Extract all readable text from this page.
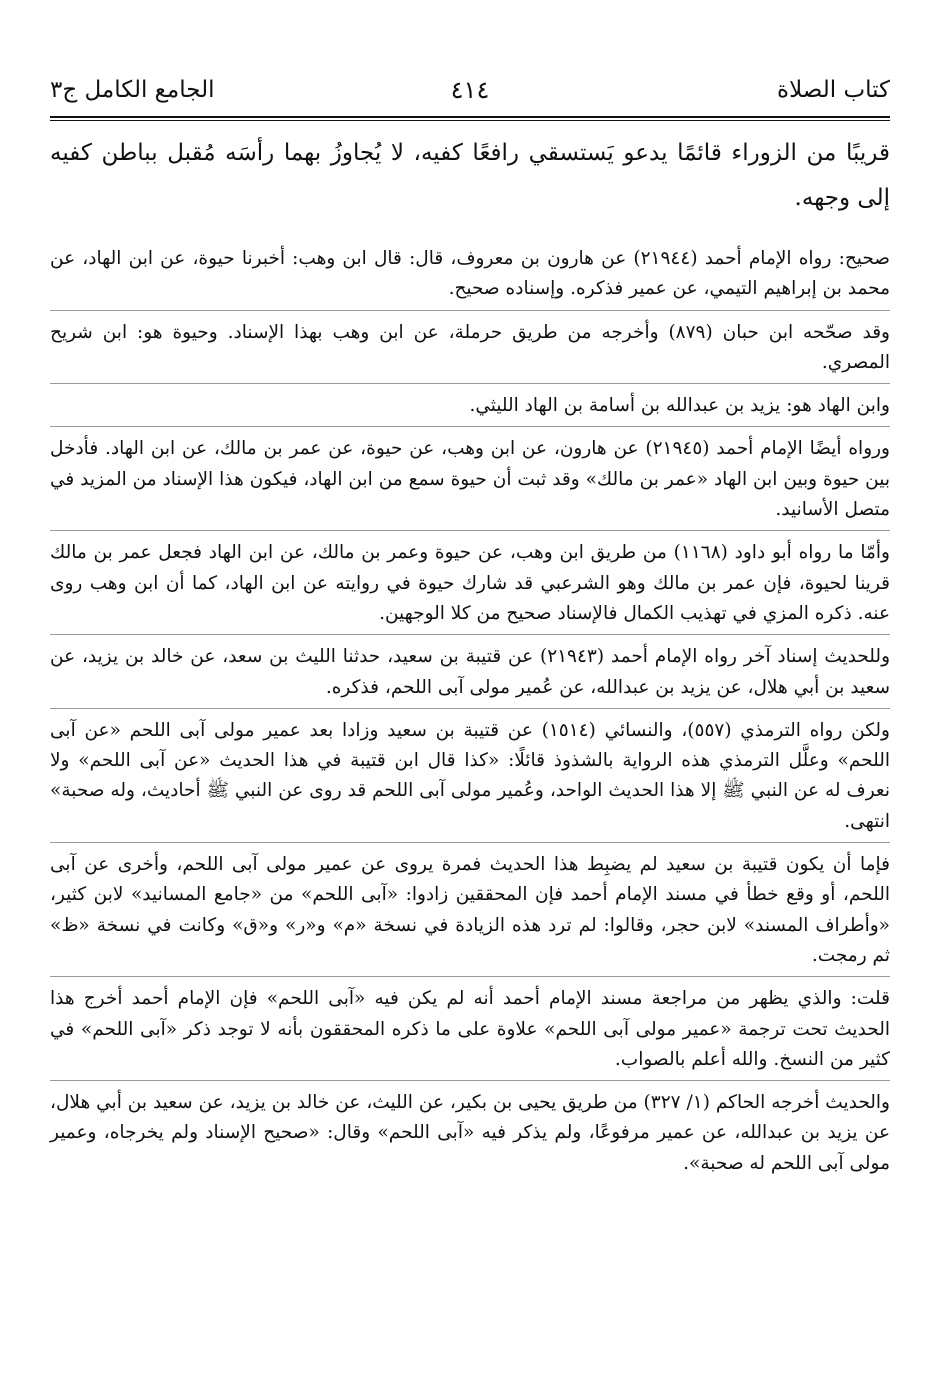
كتاب الصلاة
٤١٤
الجامع الكامل ج٣

قريبًا من الزوراء قائمًا يدعو يَستسقي رافعًا كفيه، لا يُجاوزُ بهما رأسَه مُقبل بباطن كفيه إلى وجهه.

صحيح: رواه الإمام أحمد (٢١٩٤٤) عن هارون بن معروف، قال: قال ابن وهب: أخبرنا حيوة، عن ابن الهاد، عن محمد بن إبراهيم التيمي، عن عمير فذكره. وإسناده صحيح.

وقد صحّحه ابن حبان (٨٧٩) وأخرجه من طريق حرملة، عن ابن وهب بهذا الإسناد. وحيوة هو: ابن شريح المصري.

وابن الهاد هو: يزيد بن عبدالله بن أسامة بن الهاد الليثي.

ورواه أيضًا الإمام أحمد (٢١٩٤٥) عن هارون، عن ابن وهب، عن حيوة، عن عمر بن مالك، عن ابن الهاد. فأدخل بين حيوة وبين ابن الهاد «عمر بن مالك» وقد ثبت أن حيوة سمع من ابن الهاد، فيكون هذا الإسناد من المزيد في متصل الأسانيد.

وأمّا ما رواه أبو داود (١١٦٨) من طريق ابن وهب، عن حيوة وعمر بن مالك، عن ابن الهاد فجعل عمر بن مالك قرينا لحيوة، فإن عمر بن مالك وهو الشرعبي قد شارك حيوة في روايته عن ابن الهاد، كما أن ابن وهب روى عنه. ذكره المزي في تهذيب الكمال فالإسناد صحيح من كلا الوجهين.

وللحديث إسناد آخر رواه الإمام أحمد (٢١٩٤٣) عن قتيبة بن سعيد، حدثنا الليث بن سعد، عن خالد بن يزيد، عن سعيد بن أبي هلال، عن يزيد بن عبدالله، عن عُمير مولى آبى اللحم، فذكره.

ولكن رواه الترمذي (٥٥٧)، والنسائي (١٥١٤) عن قتيبة بن سعيد وزادا بعد عمير مولى آبى اللحم «عن آبى اللحم» وعلَّل الترمذي هذه الرواية بالشذوذ قائلًا: «كذا قال ابن قتيبة في هذا الحديث «عن آبى اللحم» ولا نعرف له عن النبي ﷺ إلا هذا الحديث الواحد، وعُمير مولى آبى اللحم قد روى عن النبي ﷺ أحاديث، وله صحبة» انتهى.

فإما أن يكون قتيبة بن سعيد لم يضبِط هذا الحديث فمرة يروى عن عمير مولى آبى اللحم، وأخرى عن آبى اللحم، أو وقع خطأ في مسند الإمام أحمد فإن المحققين زادوا: «آبى اللحم» من «جامع المسانيد» لابن كثير، «وأطراف المسند» لابن حجر، وقالوا: لم ترد هذه الزيادة في نسخة «م» و«ر» و«ق» وكانت في نسخة «ظ» ثم رمجت.

قلت: والذي يظهر من مراجعة مسند الإمام أحمد أنه لم يكن فيه «آبى اللحم» فإن الإمام أحمد أخرج هذا الحديث تحت ترجمة «عمير مولى آبى اللحم» علاوة على ما ذكره المحققون بأنه لا توجد ذكر «آبى اللحم» في كثير من النسخ. والله أعلم بالصواب.

والحديث أخرجه الحاكم (١/ ٣٢٧) من طريق يحيى بن بكير، عن الليث، عن خالد بن يزيد، عن سعيد بن أبي هلال، عن يزيد بن عبدالله، عن عمير مرفوعًا، ولم يذكر فيه «آبى اللحم» وقال: «صحيح الإسناد ولم يخرجاه، وعمير مولى آبى اللحم له صحبة».
